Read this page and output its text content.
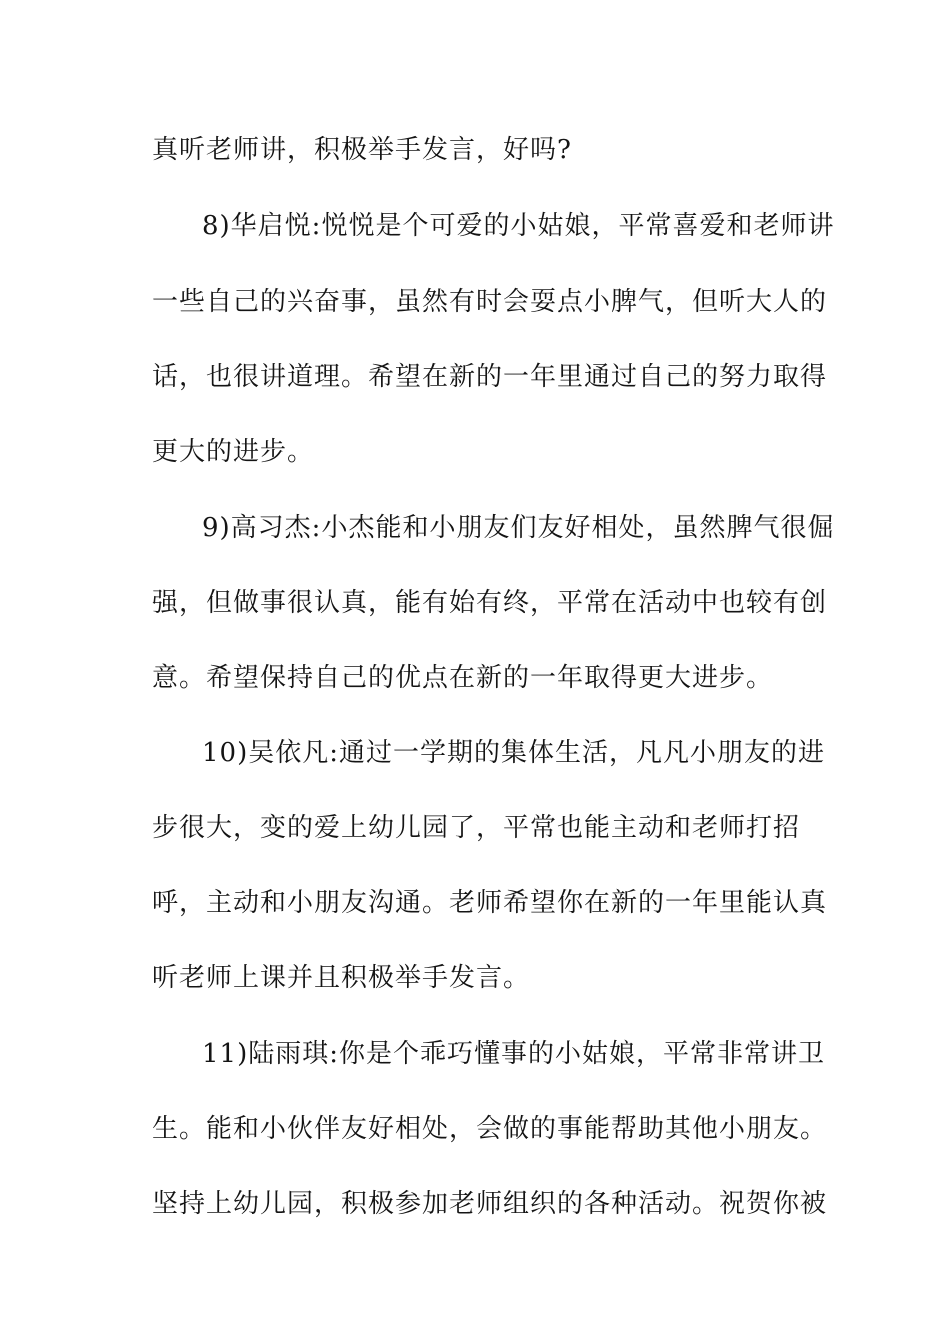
真听老师讲，积极举手发言，好吗?
8)华启悦:悦悦是个可爱的小姑娘，平常喜爱和老师讲
一些自己的兴奋事，虽然有时会耍点小脾气，但听大人的
话，也很讲道理。希望在新的一年里通过自己的努力取得
更大的进步。
9)高习杰:小杰能和小朋友们友好相处，虽然脾气很倔
强，但做事很认真，能有始有终，平常在活动中也较有创
意。希望保持自己的优点在新的一年取得更大进步。
10)吴依凡:通过一学期的集体生活，凡凡小朋友的进
步很大，变的爱上幼儿园了，平常也能主动和老师打招
呼，主动和小朋友沟通。老师希望你在新的一年里能认真
听老师上课并且积极举手发言。
11)陆雨琪:你是个乖巧懂事的小姑娘，平常非常讲卫
生。能和小伙伴友好相处，会做的事能帮助其他小朋友。
坚持上幼儿园，积极参加老师组织的各种活动。祝贺你被
